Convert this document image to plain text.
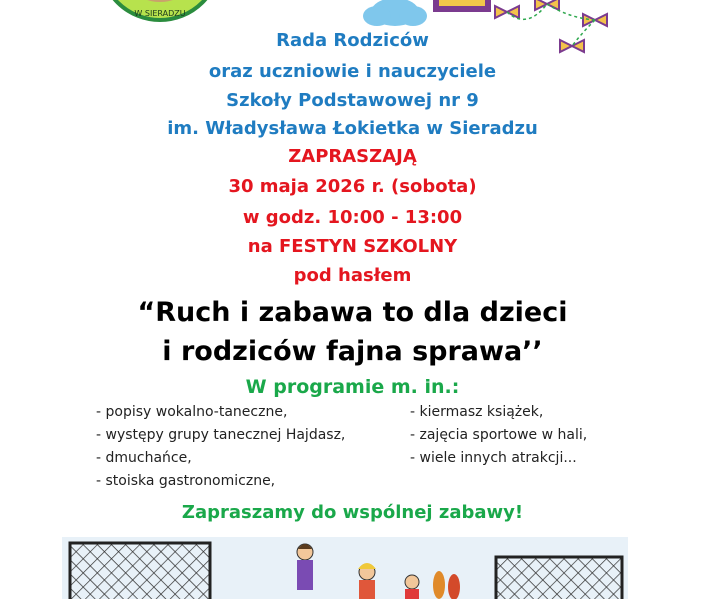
W SIERADZU
Rada Rodziców
oraz uczniowie i nauczyciele
Szkoły Podstawowej nr 9
im. Władysława Łokietka w Sieradzu
ZAPRASZAJĄ
30 maja 2026 r. (sobota)
w godz. 10:00 - 13:00
na FESTYN SZKOLNY
pod hasłem
“Ruch i zabawa to dla dzieci
i rodziców fajna sprawa’’
W programie m. in.:
- popisy wokalno-taneczne,
- występy grupy tanecznej Hajdasz,
- dmuchańce,
- stoiska gastronomiczne,
- kiermasz książek,
- zajęcia sportowe w hali,
- wiele innych atrakcji...
Zapraszamy do wspólnej zabawy!
